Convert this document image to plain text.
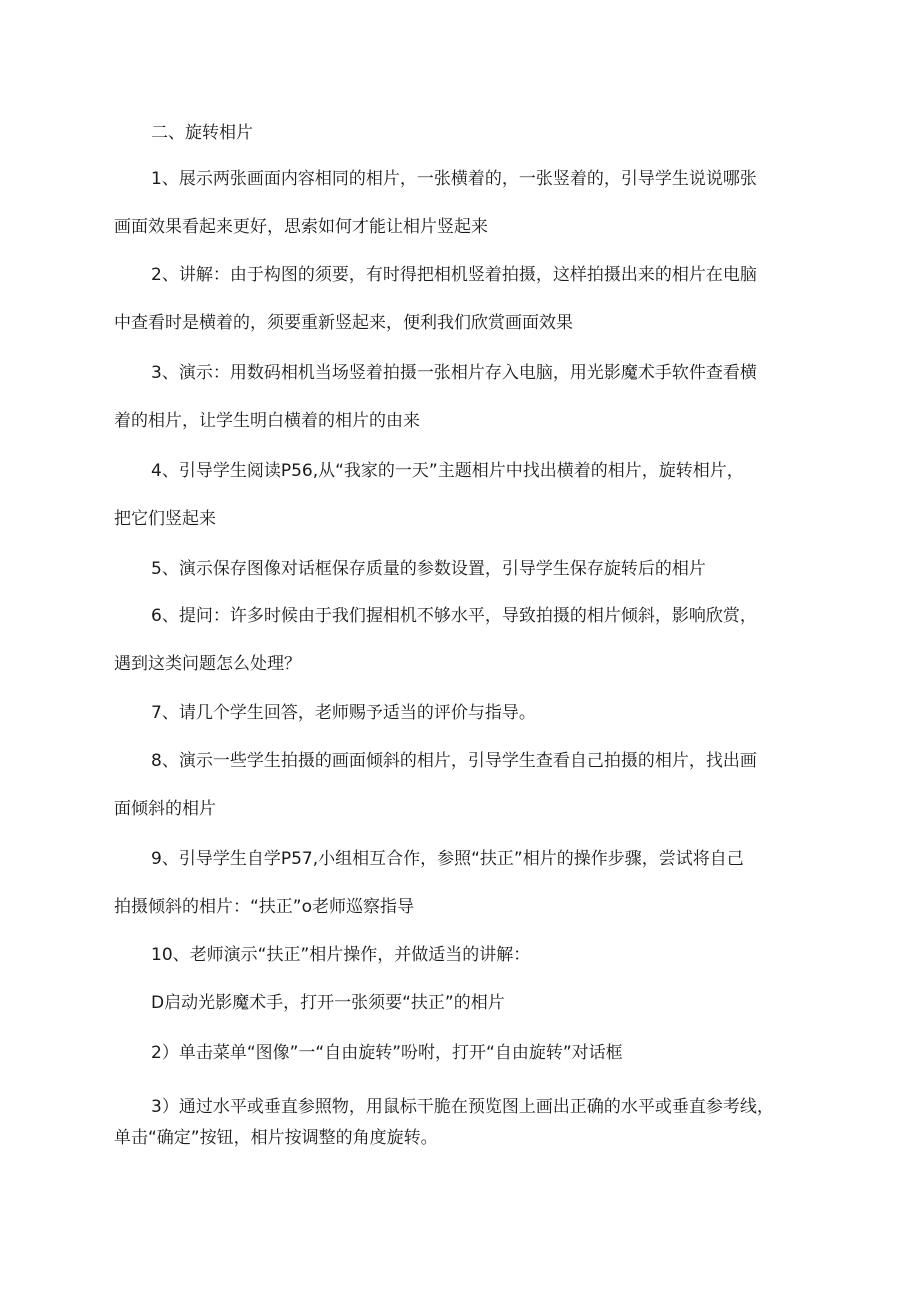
二、旋转相片

1、展示两张画面内容相同的相片，一张横着的，一张竖着的，引导学生说说哪张
画面效果看起来更好，思索如何才能让相片竖起来

2、讲解：由于构图的须要，有时得把相机竖着拍摄，这样拍摄出来的相片在电脑
中查看时是横着的，须要重新竖起来，便利我们欣赏画面效果

3、演示：用数码相机当场竖着拍摄一张相片存入电脑，用光影魔术手软件查看横
着的相片，让学生明白横着的相片的由来

4、引导学生阅读P56,从“我家的一天”主题相片中找出横着的相片，旋转相片，
把它们竖起来

5、演示保存图像对话框保存质量的参数设置，引导学生保存旋转后的相片

6、提问：许多时候由于我们握相机不够水平，导致拍摄的相片倾斜，影响欣赏，
遇到这类问题怎么处理？

7、请几个学生回答，老师赐予适当的评价与指导。

8、演示一些学生拍摄的画面倾斜的相片，引导学生查看自己拍摄的相片，找出画
面倾斜的相片

9、引导学生自学P57,小组相互合作，参照“扶正”相片的操作步骤，尝试将自己
拍摄倾斜的相片：“扶正”o老师巡察指导

10、老师演示“扶正”相片操作，并做适当的讲解：

D启动光影魔术手，打开一张须要“扶正”的相片

2）单击菜单“图像”一“自由旋转”吩咐，打开“自由旋转”对话框

3）通过水平或垂直参照物，用鼠标干脆在预览图上画出正确的水平或垂直参考线，
单击“确定”按钮，相片按调整的角度旋转。
